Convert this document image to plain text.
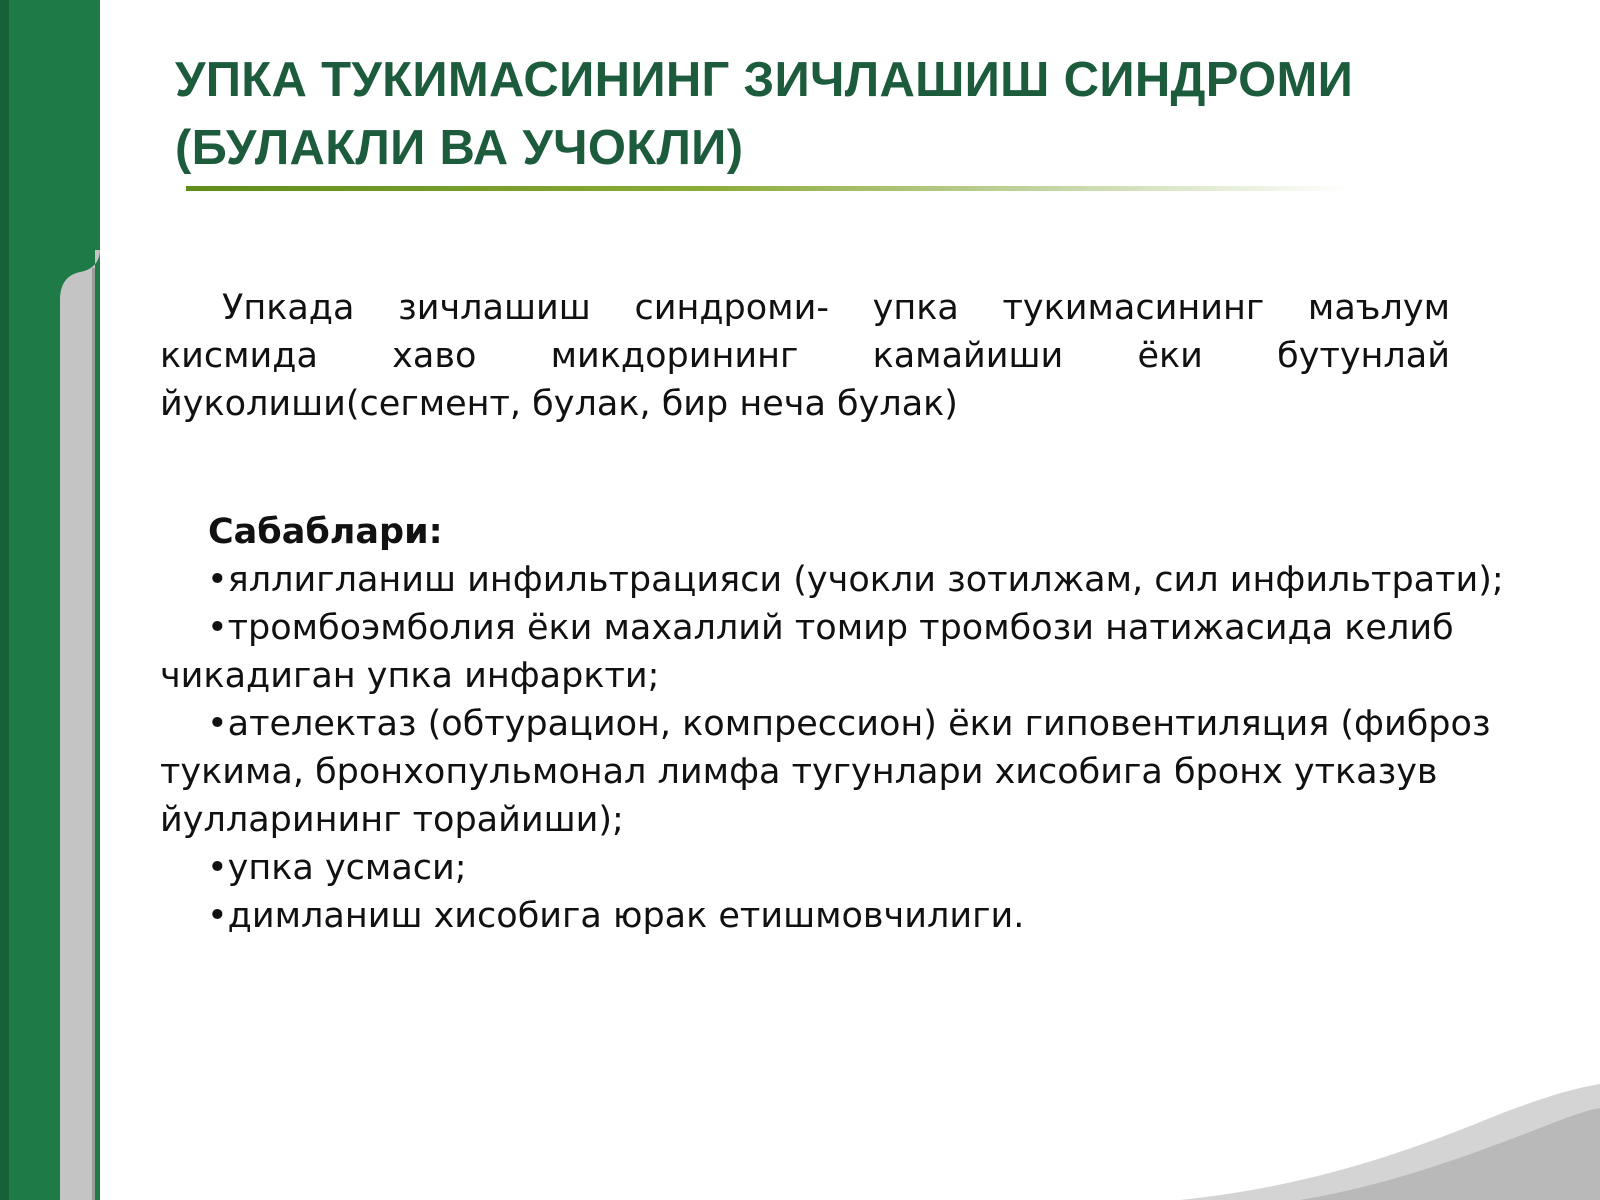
УПКА ТУКИМАСИНИНГ ЗИЧЛАШИШ СИНДРОМИ (БУЛАКЛИ ВА УЧОКЛИ)

Упкада зичлашиш синдроми- упка тукимасининг маълум кисмида хаво микдорининг камайиши ёки бутунлай йуколиши(сегмент, булак, бир неча булак)

Сабаблари:

•яллигланиш инфильтрацияси (учокли зотилжам, сил инфильтрати);
•тромбоэмболия ёки махаллий томир тромбози натижасида келиб чикадиган упка инфаркти;
•ателектаз (обтурацион, компрессион) ёки гиповентиляция (фиброз тукима, бронхопульмонал лимфа тугунлари хисобига бронх утказув йулларининг торайиши);
•упка усмаси;
•димланиш хисобига юрак етишмовчилиги.
